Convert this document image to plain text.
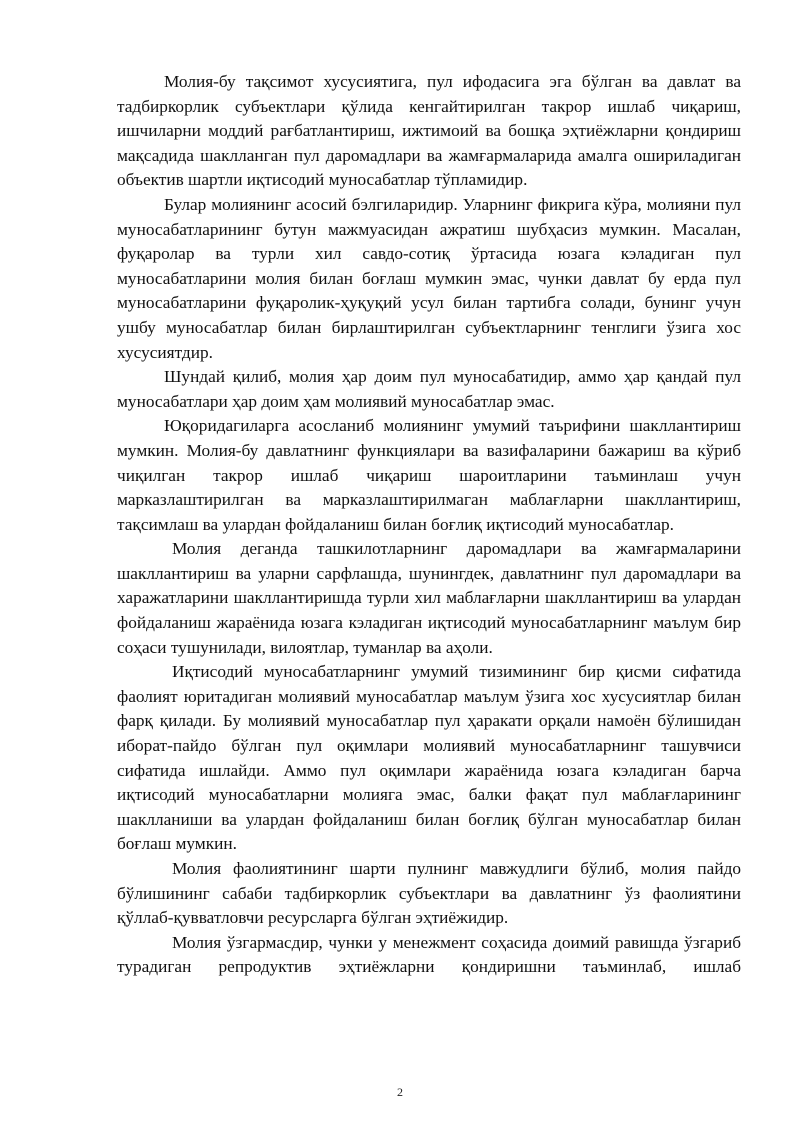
Молия-бу тақсимот хусусиятига, пул ифодасига эга бўлган ва давлат ва тадбиркорлик субъектлари қўлида кенгайтирилган такрор ишлаб чиқариш, ишчиларни моддий рағбатлантириш, ижтимоий ва бошқа эҳтиёжларни қондириш мақсадида шаклланган пул даромадлари ва жамғармаларида амалга ошириладиган объектив шартли иқтисодий муносабатлар тўпламидир.

Булар молиянинг асосий бэлгиларидир. Уларнинг фикрига кўра, молияни пул муносабатларининг бутун мажмуасидан ажратиш шубҳасиз мумкин. Масалан, фуқаролар ва турли хил савдо-сотиқ ўртасида юзага кэладиган пул муносабатларини молия билан боғлаш мумкин эмас, чунки давлат бу ерда пул муносабатларини фуқаролик-ҳуқуқий усул билан тартибга солади, бунинг учун ушбу муносабатлар билан бирлаштирилган субъектларнинг тенглиги ўзига хос хусусиятдир.

Шундай қилиб, молия ҳар доим пул муносабатидир, аммо ҳар қандай пул муносабатлари ҳар доим ҳам молиявий муносабатлар эмас.

Юқоридагиларга асосланиб молиянинг умумий таърифини шакллантириш мумкин. Молия-бу давлатнинг функциялари ва вазифаларини бажариш ва кўриб чиқилган такрор ишлаб чиқариш шароитларини таъминлаш учун марказлаштирилган ва марказлаштирилмаган маблағларни шакллантириш, тақсимлаш ва улардан фойдаланиш билан боғлиқ иқтисодий муносабатлар.

Молия деганда ташкилотларнинг даромадлари ва жамғармаларини шакллантириш ва уларни сарфлашда, шунингдек, давлатнинг пул даромадлари ва харажатларини шакллантиришда турли хил маблағларни шакллантириш ва улардан фойдаланиш жараёнида юзага кэладиган иқтисодий муносабатларнинг маълум бир соҳаси тушунилади, вилоятлар, туманлар ва аҳоли.

Иқтисодий муносабатларнинг умумий тизимининг бир қисми сифатида фаолият юритадиган молиявий муносабатлар маълум ўзига хос хусусиятлар билан фарқ қилади. Бу молиявий муносабатлар пул ҳаракати орқали намоён бўлишидан иборат-пайдо бўлган пул оқимлари молиявий муносабатларнинг ташувчиси сифатида ишлайди. Аммо пул оқимлари жараёнида юзага кэладиган барча иқтисодий муносабатларни молияга эмас, балки фақат пул маблағларининг шаклланиши ва улардан фойдаланиш билан боғлиқ бўлган муносабатлар билан боғлаш мумкин.

Молия фаолиятининг шарти пулнинг мавжудлиги бўлиб, молия пайдо бўлишининг сабаби тадбиркорлик субъектлари ва давлатнинг ўз фаолиятини қўллаб-қувватловчи ресурсларга бўлган эҳтиёжидир.

Молия ўзгармасдир, чунки у менежмент соҳасида доимий равишда ўзгариб турадиган репродуктив эҳтиёжларни қондиришни таъминлаб, ишлаб

2
